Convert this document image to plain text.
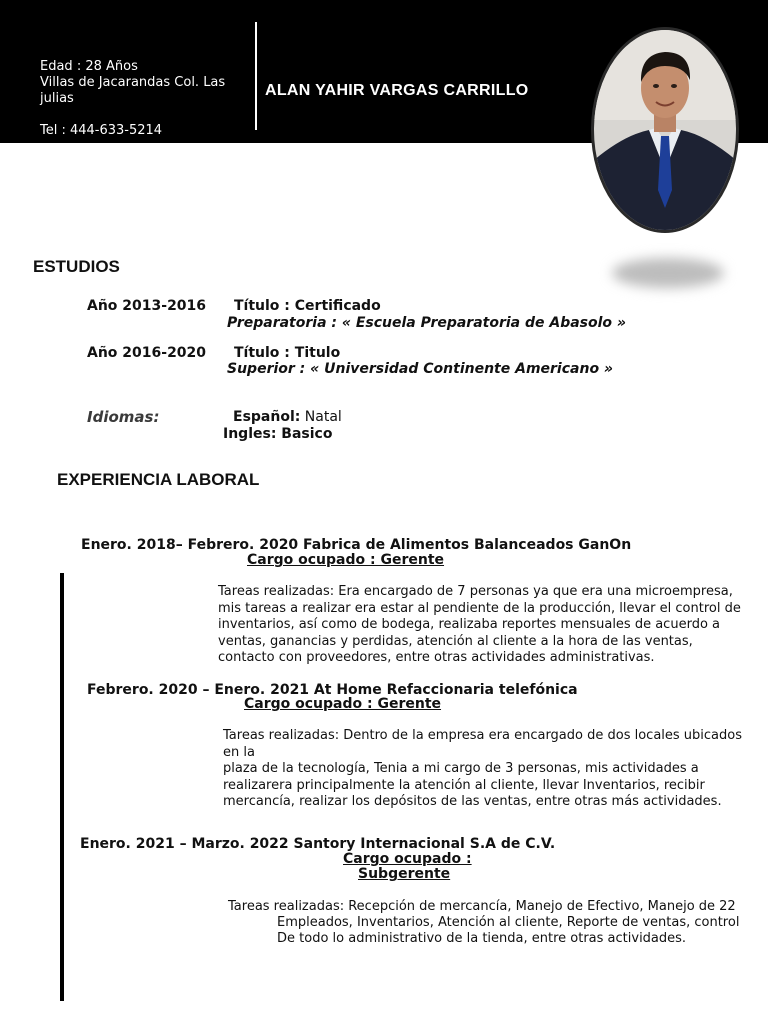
Edad : 28 Años
Villas de Jacarandas Col. Las
julias
Tel : 444-633-5214
ALAN YAHIR VARGAS CARRILLO
ESTUDIOS
Año 2013-2016 Título : Certificado
Preparatoria : « Escuela Preparatoria de Abasolo »
Año 2016-2020 Título : Titulo
Superior : « Universidad Continente Americano »
Idiomas:	Español: Natal
Ingles: Basico
EXPERIENCIA LABORAL
Enero. 2018– Febrero. 2020 Fabrica de Alimentos Balanceados GanOn
Cargo ocupado : Gerente
Tareas realizadas: Era encargado de 7 personas ya que era una microempresa,
mis tareas a realizar era estar al pendiente de la producción, llevar el control de
inventarios, así como de bodega, realizaba reportes mensuales de acuerdo a
ventas, ganancias y perdidas, atención al cliente a la hora de las ventas,
contacto con proveedores, entre otras actividades administrativas.
Febrero. 2020 – Enero. 2021 At Home Refaccionaria telefónica
Cargo ocupado : Gerente
Tareas realizadas: Dentro de la empresa era encargado de dos locales ubicados
en la
plaza de la tecnología, Tenia a mi cargo de 3 personas, mis actividades a
realizarera principalmente la atención al cliente, llevar Inventarios, recibir
mercancía, realizar los depósitos de las ventas, entre otras más actividades.
Enero. 2021 – Marzo. 2022 Santory Internacional S.A de C.V.
Cargo ocupado :
Subgerente
Tareas realizadas: Recepción de mercancía, Manejo de Efectivo, Manejo de 22
Empleados, Inventarios, Atención al cliente, Reporte de ventas, control
De todo lo administrativo de la tienda, entre otras actividades.
